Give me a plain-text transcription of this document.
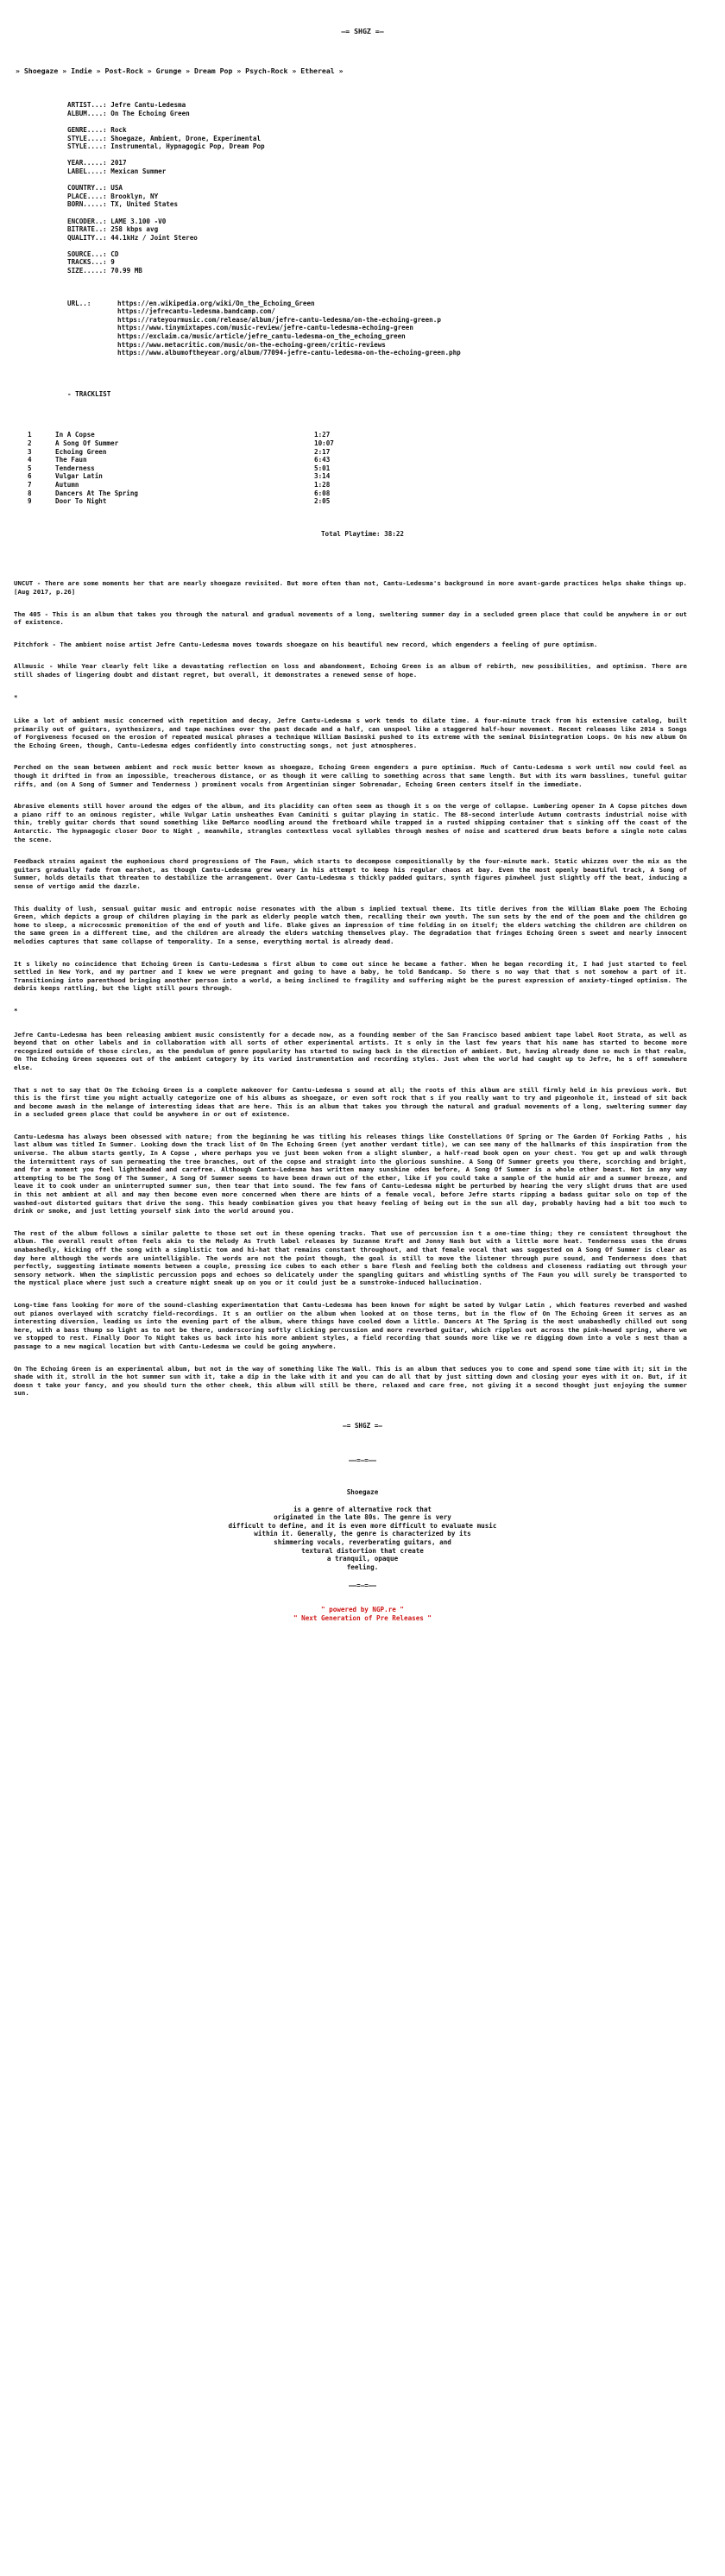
—= SHGZ =—
» Shoegaze » Indie » Post-Rock » Grunge » Dream Pop » Psych-Rock » Ethereal »
ARTIST...: Jefre Cantu-Ledesma
ALBUM....: On The Echoing Green
GENRE....: Rock
STYLE....: Shoegaze, Ambient, Drone, Experimental
STYLE....: Instrumental, Hypnagogic Pop, Dream Pop
YEAR.....: 2017
LABEL....: Mexican Summer
COUNTRY..: USA
PLACE....: Brooklyn, NY
BORN.....: TX, United States
ENCODER..: LAME 3.100 -V0
BITRATE..: 258 kbps avg
QUALITY..: 44.1kHz / Joint Stereo
SOURCE...: CD
TRACKS...: 9
SIZE.....: 70.99 MB
URL..:	https://en.wikipedia.org/wiki/On_the_Echoing_Green
https://jefrecantu-ledesma.bandcamp.com/
https://rateyourmusic.com/release/album/jefre-cantu-ledesma/on-the-echoing-green.p
https://www.tinymixtapes.com/music-review/jefre-cantu-ledesma-echoing-green
https://exclaim.ca/music/article/jefre_cantu-ledesma-on_the_echoing_green
https://www.metacritic.com/music/on-the-echoing-green/critic-reviews
https://www.albumoftheyear.org/album/77094-jefre-cantu-ledesma-on-the-echoing-green.php
- TRACKLIST
1	In A Copse	1:27
2	A Song Of Summer	10:07
3	Echoing Green	2:17
4	The Faun	6:43
5	Tenderness	5:01
6	Vulgar Latin	3:14
7	Autumn	1:28
8	Dancers At The Spring	6:08
9	Door To Night	2:05
Total Playtime: 38:22

UNCUT - There are some moments her that are nearly shoegaze revisited. But more often than not, Cantu-Ledesma's background in more avant-garde practices helps shake things up. [Aug 2017, p.26]

The 405 - This is an album that takes you through the natural and gradual movements of a long, sweltering summer day in a secluded green place that could be anywhere in or out of existence.

Pitchfork - The ambient noise artist Jefre Cantu-Ledesma moves towards shoegaze on his beautiful new record, which engenders a feeling of pure optimism.

Allmusic - While Year clearly felt like a devastating reflection on loss and abandonment, Echoing Green is an album of rebirth, new possibilities, and optimism. There are still shades of lingering doubt and distant regret, but overall, it demonstrates a renewed sense of hope.

*

Like a lot of ambient music concerned with repetition and decay, Jefre Cantu-Ledesma s work tends to dilate time. A four-minute track from his extensive catalog, built primarily out of guitars, synthesizers, and tape machines over the past decade and a half, can unspool like a staggered half-hour movement. Recent releases like 2014 s Songs of Forgiveness focused on the erosion of repeated musical phrases a technique William Basinski pushed to its extreme with the seminal Disintegration Loops. On his new album On the Echoing Green, though, Cantu-Ledesma edges confidently into constructing songs, not just atmospheres.

Perched on the seam between ambient and rock music better known as shoegaze, Echoing Green engenders a pure optimism. Much of Cantu-Ledesma s work until now could feel as though it drifted in from an impossible, treacherous distance, or as though it were calling to something across that same length. But with its warm basslines, tuneful guitar riffs, and (on A Song of Summer and Tenderness ) prominent vocals from Argentinian singer Sobrenadar, Echoing Green centers itself in the immediate.

Abrasive elements still hover around the edges of the album, and its placidity can often seem as though it s on the verge of collapse. Lumbering opener In A Copse pitches down a piano riff to an ominous register, while Vulgar Latin unsheathes Evan Caminiti s guitar playing in static. The 88-second interlude Autumn contrasts industrial noise with thin, trebly guitar chords that sound something like DeMarco noodling around the fretboard while trapped in a rusted shipping container that s sinking off the coast of the Antarctic. The hypnagogic closer Door to Night , meanwhile, strangles contextless vocal syllables through meshes of noise and scattered drum beats before a single note calms the scene.

Feedback strains against the euphonious chord progressions of The Faun, which starts to decompose compositionally by the four-minute mark. Static whizzes over the mix as the guitars gradually fade from earshot, as though Cantu-Ledesma grew weary in his attempt to keep his regular chaos at bay. Even the most openly beautiful track, A Song of Summer, holds details that threaten to destabilize the arrangement. Over Cantu-Ledesma s thickly padded guitars, synth figures pinwheel just slightly off the beat, inducing a sense of vertigo amid the dazzle.

This duality of lush, sensual guitar music and entropic noise resonates with the album s implied textual theme. Its title derives from the William Blake poem The Echoing Green, which depicts a group of children playing in the park as elderly people watch them, recalling their own youth. The sun sets by the end of the poem and the children go home to sleep, a microcosmic premonition of the end of youth and life. Blake gives an impression of time folding in on itself; the elders watching the children are children on the same green in a different time, and the children are already the elders watching themselves play. The degradation that fringes Echoing Green s sweet and nearly innocent melodies captures that same collapse of temporality. In a sense, everything mortal is already dead.

It s likely no coincidence that Echoing Green is Cantu-Ledesma s first album to come out since he became a father. When he began recording it, I had just started to feel settled in New York, and my partner and I knew we were pregnant and going to have a baby, he told Bandcamp. So there s no way that that s not somehow a part of it. Transitioning into parenthood bringing another person into a world, a being inclined to fragility and suffering might be the purest expression of anxiety-tinged optimism. The debris keeps rattling, but the light still pours through.

*

Jefre Cantu-Ledesma has been releasing ambient music consistently for a decade now, as a founding member of the San Francisco based ambient tape label Root Strata, as well as beyond that on other labels and in collaboration with all sorts of other experimental artists. It s only in the last few years that his name has started to become more recognized outside of those circles, as the pendulum of genre popularity has started to swing back in the direction of ambient. But, having already done so much in that realm, On The Echoing Green squeezes out of the ambient category by its varied instrumentation and recording styles. Just when the world had caught up to Jefre, he s off somewhere else.

That s not to say that On The Echoing Green is a complete makeover for Cantu-Ledesma s sound at all; the roots of this album are still firmly held in his previous work. But this is the first time you might actually categorize one of his albums as shoegaze, or even soft rock that s if you really want to try and pigeonhole it, instead of sit back and become awash in the melange of interesting ideas that are here. This is an album that takes you through the natural and gradual movements of a long, sweltering summer day in a secluded green place that could be anywhere in or out of existence.

Cantu-Ledesma has always been obsessed with nature; from the beginning he was titling his releases things like Constellations Of Spring or The Garden Of Forking Paths , his last album was titled In Summer. Looking down the track list of On The Echoing Green (yet another verdant title), we can see many of the hallmarks of this inspiration from the universe. The album starts gently, In A Copse , where perhaps you ve just been woken from a slight slumber, a half-read book open on your chest. You get up and walk through the intermittent rays of sun permeating the tree branches, out of the copse and straight into the glorious sunshine. A Song Of Summer greets you there, scorching and bright, and for a moment you feel lightheaded and carefree. Although Cantu-Ledesma has written many sunshine odes before, A Song Of Summer is a whole other beast. Not in any way attempting to be The Song Of The Summer, A Song Of Summer seems to have been drawn out of the ether, like if you could take a sample of the humid air and a summer breeze, and leave it to cook under an uninterrupted summer sun, then tear that into sound. The few fans of Cantu-Ledesma might be perturbed by hearing the very slight drums that are used in this not ambient at all and may then become even more concerned when there are hints of a female vocal, before Jefre starts ripping a badass guitar solo on top of the washed-out distorted guitars that drive the song. This heady combination gives you that heavy feeling of being out in the sun all day, probably having had a bit too much to drink or smoke, and just letting yourself sink into the world around you.

The rest of the album follows a similar palette to those set out in these opening tracks. That use of percussion isn t a one-time thing; they re consistent throughout the album. The overall result often feels akin to the Melody As Truth label releases by Suzanne Kraft and Jonny Nash but with a little more heat. Tenderness uses the drums unabashedly, kicking off the song with a simplistic tom and hi-hat that remains constant throughout, and that female vocal that was suggested on A Song Of Summer is clear as day here although the words are unintelligible. The words are not the point though, the goal is still to move the listener through pure sound, and Tenderness does that perfectly, suggesting intimate moments between a couple, pressing ice cubes to each other s bare flesh and feeling both the coldness and closeness radiating out through your sensory network. When the simplistic percussion pops and echoes so delicately under the spangling guitars and whistling synths of The Faun you will surely be transported to the mystical place where just such a creature might sneak up on you or it could just be a sunstroke-induced hallucination.

Long-time fans looking for more of the sound-clashing experimentation that Cantu-Ledesma has been known for might be sated by Vulgar Latin , which features reverbed and washed out pianos overlayed with scratchy field-recordings. It s an outlier on the album when looked at on those terms, but in the flow of On The Echoing Green it serves as an interesting diversion, leading us into the evening part of the album, where things have cooled down a little. Dancers At The Spring is the most unabashedly chilled out song here, with a bass thump so light as to not be there, underscoring softly clicking percussion and more reverbed guitar, which ripples out across the pink-hewed spring, where we ve stopped to rest. Finally Door To Night takes us back into his more ambient styles, a field recording that sounds more like we re digging down into a vole s nest than a passage to a new magical location but with Cantu-Ledesma we could be going anywhere.

On The Echoing Green is an experimental album, but not in the way of something like The Wall. This is an album that seduces you to come and spend some time with it; sit in the shade with it, stroll in the hot summer sun with it, take a dip in the lake with it and you can do all that by just sitting down and closing your eyes with it on. But, if it doesn t take your fancy, and you should turn the other cheek, this album will still be there, relaxed and care free, not giving it a second thought just enjoying the summer sun.

—= SHGZ =—
——=—=——
Shoegaze
is a genre of alternative rock that
originated in the late 80s. The genre is very
difficult to define, and it is even more difficult to evaluate music
within it. Generally, the genre is characterized by its
shimmering vocals, reverberating guitars, and
textural distortion that create
a tranquil, opaque
feeling.
——=—=——
" powered by NGP.re "
" Next Generation of Pre Releases "
